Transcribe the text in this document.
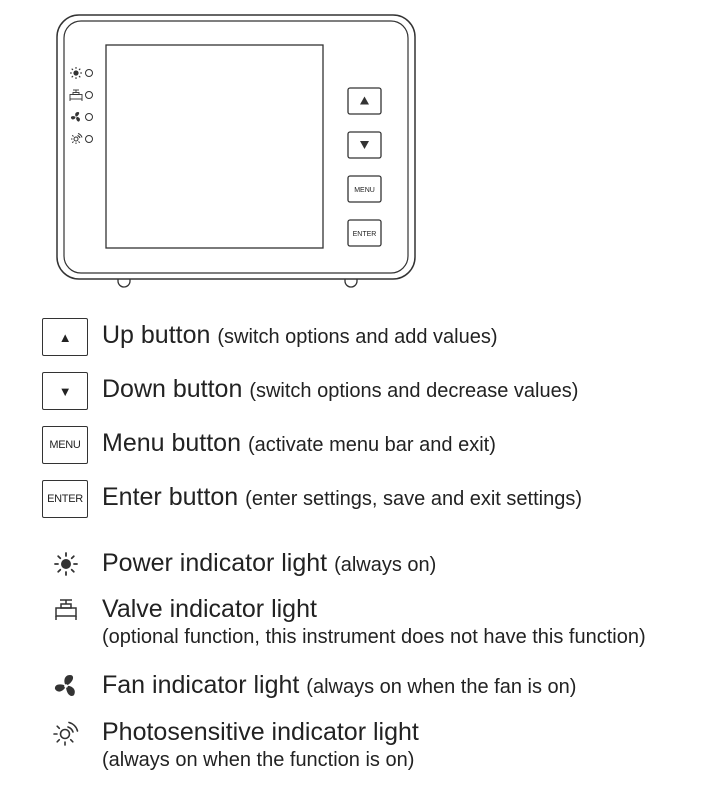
MENU
ENTER
▲ Up button (switch options and add values)
▼ Down button (switch options and decrease values)
MENU Menu button (activate menu bar and exit)
ENTER Enter button (enter settings, save and exit settings)
Power indicator light (always on)
Valve indicator light
(optional function, this instrument does not have this function)
Fan indicator light (always on when the fan is on)
Photosensitive indicator light
(always on when the function is on)
